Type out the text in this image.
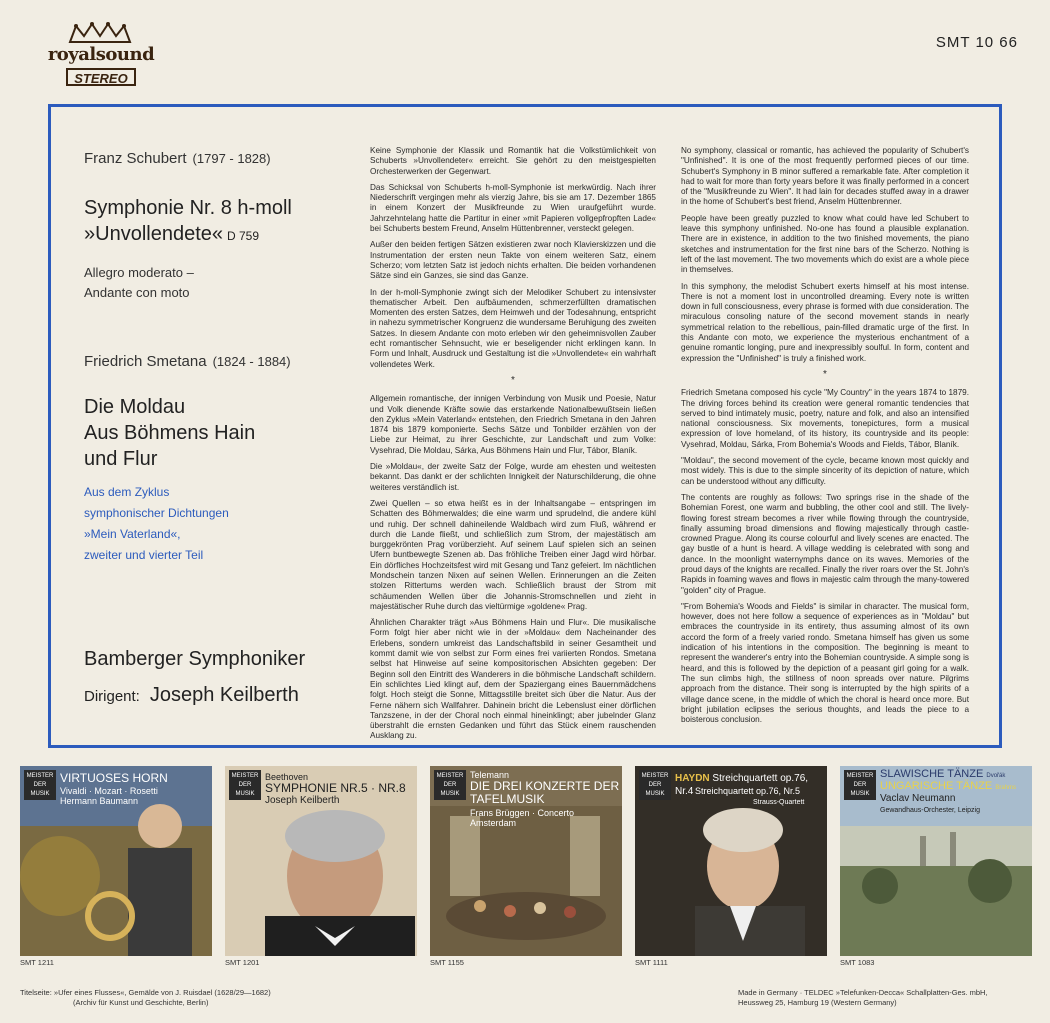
royalsound
STEREO
SMT 10 66
Franz Schubert (1797 - 1828)
Symphonie Nr. 8 h-moll
»Unvollendete« D 759
Allegro moderato –
Andante con moto
Friedrich Smetana (1824 - 1884)
Die Moldau
Aus Böhmens Hain
und Flur
Aus dem Zyklus
symphonischer Dichtungen
»Mein Vaterland«,
zweiter und vierter Teil
Bamberger Symphoniker
Dirigent: Joseph Keilberth

Keine Symphonie der Klassik und Romantik hat die Volkstümlichkeit von Schuberts »Unvollendeter« erreicht. Sie gehört zu den meistgespielten Orchesterwerken der Gegenwart.

Das Schicksal von Schuberts h-moll-Symphonie ist merkwürdig. Nach ihrer Niederschrift vergingen mehr als vierzig Jahre, bis sie am 17. Dezember 1865 in einem Konzert der Musikfreunde zu Wien uraufgeführt wurde. Jahrzehntelang hatte die Partitur in einer »mit Papieren vollgepfropften Lade« bei Schuberts bestem Freund, Anselm Hüttenbrenner, versteckt gelegen.

Außer den beiden fertigen Sätzen existieren zwar noch Klavierskizzen und die Instrumentation der ersten neun Takte von einem weiteren Satz, einem Scherzo; vom letzten Satz ist jedoch nichts erhalten. Die beiden vorhandenen Sätze sind ein Ganzes, sie sind das Ganze.

In der h-moll-Symphonie zwingt sich der Melodiker Schubert zu intensivster thematischer Arbeit. Den aufbäumenden, schmerzerfüllten dramatischen Momenten des ersten Satzes, dem Heimweh und der Todesahnung, entspricht in nahezu symmetrischer Kongruenz die wundersame Beruhigung des zweiten Satzes. In diesem Andante con moto erleben wir den geheimnisvollen Zauber echt romantischer Sehnsucht, wie er beseligender nicht erklingen kann. In Form und Inhalt, Ausdruck und Gestaltung ist die »Unvollendete« ein wahrhaft vollendetes Werk.

*

Allgemein romantische, der innigen Verbindung von Musik und Poesie, Natur und Volk dienende Kräfte sowie das erstarkende Nationalbewußtsein ließen den Zyklus »Mein Vaterland« entstehen, den Friedrich Smetana in den Jahren 1874 bis 1879 komponierte. Sechs Sätze und Tonbilder erzählen von der Liebe zur Heimat, zu ihrer Geschichte, zur Landschaft und zum Volke: Vysehrad, Die Moldau, Sárka, Aus Böhmens Hain und Flur, Tábor, Blaník.

Die »Moldau«, der zweite Satz der Folge, wurde am ehesten und weitesten bekannt. Das dankt er der schlichten Innigkeit der Naturschilderung, die ohne weiteres verständlich ist.

Zwei Quellen – so etwa heißt es in der Inhaltsangabe – entspringen im Schatten des Böhmerwaldes; die eine warm und sprudelnd, die andere kühl und ruhig. Der schnell dahineilende Waldbach wird zum Fluß, während er durch die Lande fließt, und schließlich zum Strom, der majestätisch am burggekrönten Prag vorüberzieht. Auf seinem Lauf spielen sich an seinen Ufern buntbewegte Szenen ab. Das fröhliche Treiben einer Jagd wird hörbar. Ein dörfliches Hochzeitsfest wird mit Gesang und Tanz gefeiert. Im nächtlichen Mondschein tanzen Nixen auf seinen Wellen. Erinnerungen an die Zeiten stolzen Rittertums werden wach. Schließlich braust der Strom mit schäumenden Wellen über die Johannis-Stromschnellen und zieht in majestätischer Ruhe durch das vieltürmige »goldene« Prag.

Ähnlichen Charakter trägt »Aus Böhmens Hain und Flur«. Die musikalische Form folgt hier aber nicht wie in der »Moldau« dem Nacheinander des Erlebens, sondern umkreist das Landschaftsbild in seiner Gesamtheit und kommt damit wie von selbst zur Form eines frei variierten Rondos. Smetana selbst hat Hinweise auf seine kompositorischen Absichten gegeben: Der Beginn soll den Eintritt des Wanderers in die böhmische Landschaft schildern. Ein schlichtes Lied klingt auf, dem der Spaziergang eines Bauernmädchens folgt. Hoch steigt die Sonne, Mittagsstille breitet sich über die Natur. Aus der Ferne nähern sich Wallfahrer. Dahinein bricht die Lebenslust einer dörflichen Tanzszene, in der der Choral noch einmal hineinklingt; aber jubelnder Glanz überstrahlt die ernsten Gedanken und führt das Stück einem rauschenden Ausklang zu.

No symphony, classical or romantic, has achieved the popularity of Schubert's "Unfinished". It is one of the most frequently performed pieces of our time. Schubert's Symphony in B minor suffered a remarkable fate. After completion it had to wait for more than forty years before it was finally performed in a concert of the "Musikfreunde zu Wien". It had lain for decades stuffed away in a drawer in the home of Schubert's best friend, Anselm Hüttenbrenner.

People have been greatly puzzled to know what could have led Schubert to leave this symphony unfinished. No-one has found a plausible explanation. There are in existence, in addition to the two finished movements, the piano sketches and instrumentation for the first nine bars of the Scherzo. Nothing is left of the last movement. The two movements which do exist are a whole piece in themselves.

In this symphony, the melodist Schubert exerts himself at his most intense. There is not a moment lost in uncontrolled dreaming. Every note is written down in full consciousness, every phrase is formed with due consideration. The miraculous consoling nature of the second movement stands in nearly symmetrical relation to the rebellious, pain-filled dramatic urge of the first. In this Andante con moto, we experience the mysterious enchantment of a genuine romantic longing, pure and inexpressibly soulful. In form, content and expression the "Unfinished" is truly a finished work.

*

Friedrich Smetana composed his cycle "My Country" in the years 1874 to 1879. The driving forces behind its creation were general romantic tendencies that served to bind intimately music, poetry, nature and folk, and also an intensified national consciousness. Six movements, tonepictures, form a musical expression of love homeland, of its history, its countryside and its people: Vysehrad, Moldau, Sárka, From Bohemia's Woods and Fields, Tábor, Blaník.

"Moldau", the second movement of the cycle, became known most quickly and most widely. This is due to the simple sincerity of its depiction of nature, which can be understood without any difficulty.

The contents are roughly as follows: Two springs rise in the shade of the Bohemian Forest, one warm and bubbling, the other cool and still. The lively-flowing forest stream becomes a river while flowing through the countryside, finally assuming broad dimensions and flowing majestically through castle-crowned Prague. Along its course colourful and lively scenes are enacted. The gay bustle of a hunt is heard. A village wedding is celebrated with song and dance. In the moonlight waternymphs dance on its waves. Memories of the proud days of the knights are recalled. Finally the river roars over the St. John's Rapids in foaming waves and flows in majestic calm through the many-towered "golden" city of Prague.

"From Bohemia's Woods and Fields" is similar in character. The musical form, however, does not here follow a sequence of experiences as in "Moldau" but embraces the countryside in its entirety, thus assuming almost of its own accord the form of a freely varied rondo. Smetana himself has given us some indication of his intentions in the composition. The beginning is meant to represent the wanderer's entry into the Bohemian countryside. A simple song is heard, and this is followed by the depiction of a peasant girl going for a walk. The sun climbs high, the stillness of noon spreads over nature. Pilgrims approach from the distance. Their song is interrupted by the high spirits of a village dance scene, in the middle of which the choral is heard once more. But bright jubilation eclipses the serious thoughts, and leads the piece to a boisterous conclusion.

MEISTER DER MUSIK
VIRTUOSES HORN
Vivaldi · Mozart · Rosetti
Hermann Baumann
MEISTER DER MUSIK
Beethoven
SYMPHONIE NR.5 · NR.8
Joseph Keilberth
MEISTER DER MUSIK
Telemann
DIE DREI KONZERTE DER TAFELMUSIK
Frans Brüggen · Concerto Amsterdam
MEISTER DER MUSIK
HAYDN Streichquartett op.76, Nr.4 Streichquartett op.76, Nr.5
Strauss-Quartett
MEISTER DER MUSIK
SLAWISCHE TÄNZE Dvořák
UNGARISCHE TÄNZE Brahms
Vaclav Neumann
Gewandhaus-Orchester, Leipzig
SMT 1211	SMT 1201	SMT 1155	SMT 1111	SMT 1083
Titelseite: »Ufer eines Flusses«, Gemälde von J. Ruisdael (1628/29—1682)
(Archiv für Kunst und Geschichte, Berlin)
Made in Germany · TELDEC »Telefunken-Decca« Schallplatten-Ges. mbH,
Heussweg 25, Hamburg 19 (Western Germany)
